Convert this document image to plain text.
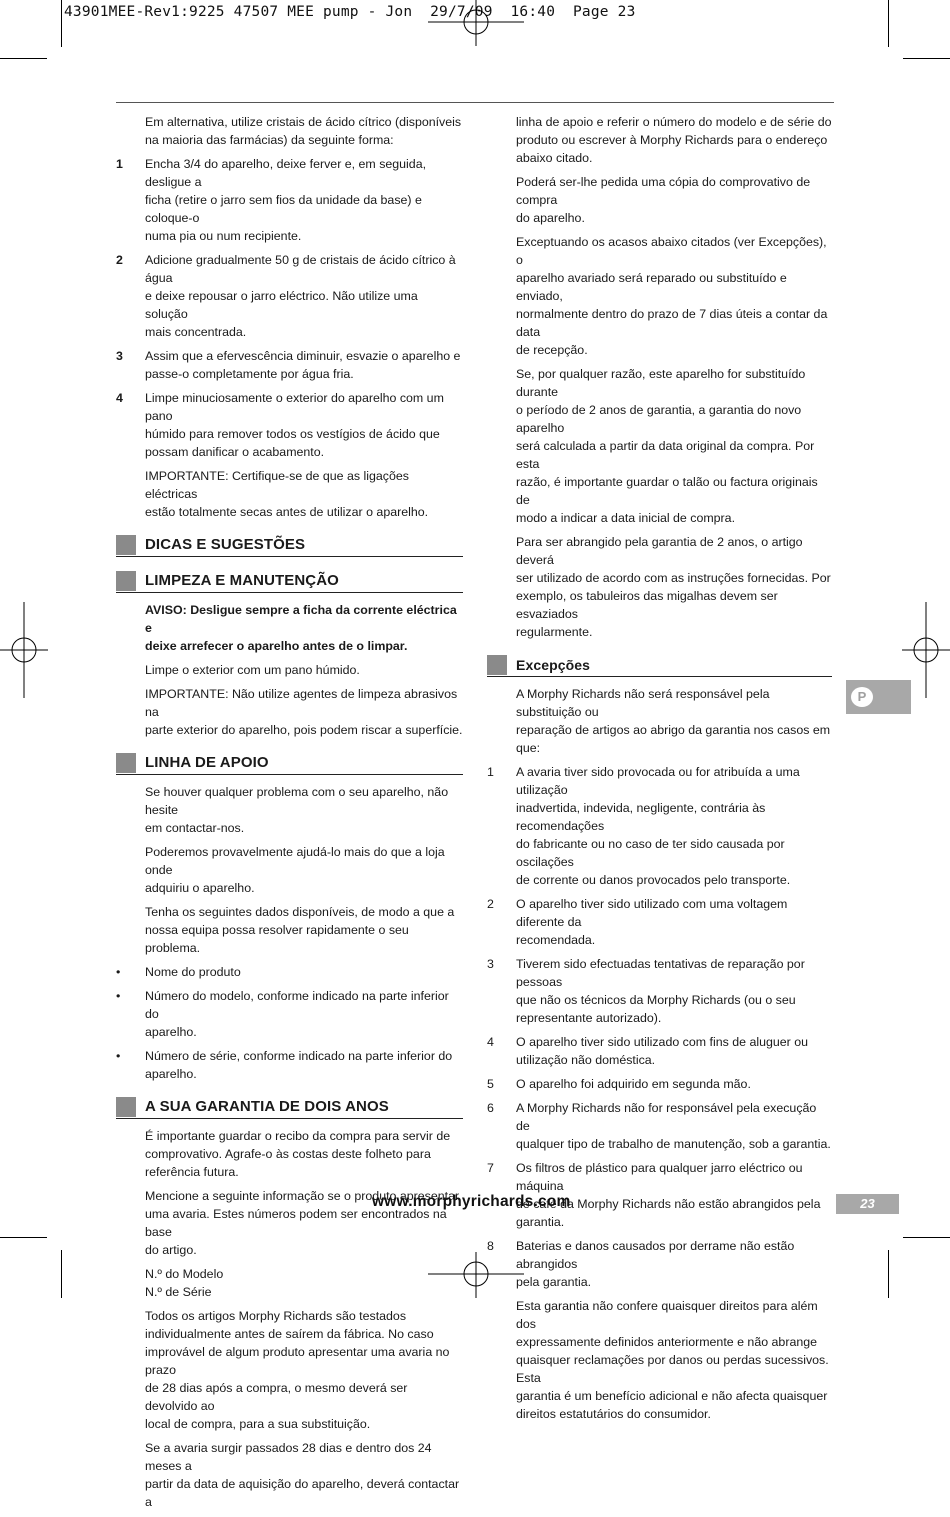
43901MEE-Rev1:9225 47507 MEE pump - Jon  29/7/09  16:40  Page 23
Em alternativa, utilize cristais de ácido cítrico (disponíveis na maioria das farmácias) da seguinte forma:
1	Encha 3/4 do aparelho, deixe ferver e, em seguida, desligue a
ficha (retire o jarro sem fios da unidade da base) e coloque-o
numa pia ou num recipiente.
2	Adicione gradualmente 50 g de cristais de ácido cítrico à água
e deixe repousar o jarro eléctrico. Não utilize uma solução
mais concentrada.
3	Assim que a efervescência diminuir, esvazie o aparelho e
passe-o completamente por água fria.
4	Limpe minuciosamente o exterior do aparelho com um pano
húmido para remover todos os vestígios de ácido que
possam danificar o acabamento.
IMPORTANTE: Certifique-se de que as ligações eléctricas
estão totalmente secas antes de utilizar o aparelho.
DICAS E SUGESTÕES
LIMPEZA E MANUTENÇÃO
AVISO: Desligue sempre a ficha da corrente eléctrica e
deixe arrefecer o aparelho antes de o limpar.
Limpe o exterior com um pano húmido.
IMPORTANTE: Não utilize agentes de limpeza abrasivos na
parte exterior do aparelho, pois podem riscar a superfície.
LINHA DE APOIO
Se houver qualquer problema com o seu aparelho, não hesite
em contactar-nos.
Poderemos provavelmente ajudá-lo mais do que a loja onde
adquiriu o aparelho.
Tenha os seguintes dados disponíveis, de modo a que a
nossa equipa possa resolver rapidamente o seu problema.
•	Nome do produto
•	Número do modelo, conforme indicado na parte inferior do
aparelho.
•	Número de série, conforme indicado na parte inferior do
aparelho.
A SUA GARANTIA DE DOIS ANOS
É importante guardar o recibo da compra para servir de
comprovativo. Agrafe-o às costas deste folheto para
referência futura.
Mencione a seguinte informação se o produto apresentar
uma avaria. Estes números podem ser encontrados na base
do artigo.
N.º do Modelo
N.º de Série
Todos os artigos Morphy Richards são testados
individualmente antes de saírem da fábrica. No caso
improvável de algum produto apresentar uma avaria no prazo
de 28 dias após a compra, o mesmo deverá ser devolvido ao
local de compra, para a sua substituição.
Se a avaria surgir passados 28 dias e dentro dos 24 meses a
partir da data de aquisição do aparelho, deverá contactar a
linha de apoio e referir o número do modelo e de série do
produto ou escrever à Morphy Richards para o endereço
abaixo citado.
Poderá ser-lhe pedida uma cópia do comprovativo de compra
do aparelho.
Exceptuando os acasos abaixo citados (ver Excepções), o
aparelho avariado será reparado ou substituído e enviado,
normalmente dentro do prazo de 7 dias úteis a contar da data
de recepção.
Se, por qualquer razão, este aparelho for substituído durante
o período de 2 anos de garantia, a garantia do novo aparelho
será calculada a partir da data original da compra. Por esta
razão, é importante guardar o talão ou factura originais de
modo a indicar a data inicial de compra.
Para ser abrangido pela garantia de 2 anos, o artigo deverá
ser utilizado de acordo com as instruções fornecidas. Por
exemplo, os tabuleiros das migalhas devem ser esvaziados
regularmente.
Excepções
A Morphy Richards não será responsável pela substituição ou
reparação de artigos ao abrigo da garantia nos casos em que:
1	A avaria tiver sido provocada ou for atribuída a uma utilização
inadvertida, indevida, negligente, contrária às recomendações
do fabricante ou no caso de ter sido causada por oscilações
de corrente ou danos provocados pelo transporte.
2	O aparelho tiver sido utilizado com uma voltagem diferente da
recomendada.
3	Tiverem sido efectuadas tentativas de reparação por pessoas
que não os técnicos da Morphy Richards (ou o seu
representante autorizado).
4	O aparelho tiver sido utilizado com fins de aluguer ou
utilização não doméstica.
5	O aparelho foi adquirido em segunda mão.
6	A Morphy Richards não for responsável pela execução de
qualquer tipo de trabalho de manutenção, sob a garantia.
7	Os filtros de plástico para qualquer jarro eléctrico ou máquina
de café da Morphy Richards não estão abrangidos pela
garantia.
8	Baterias e danos causados por derrame não estão abrangidos
pela garantia.
Esta garantia não confere quaisquer direitos para além dos
expressamente definidos anteriormente e não abrange
quaisquer reclamações por danos ou perdas sucessivos. Esta
garantia é um benefício adicional e não afecta quaisquer
direitos estatutários do consumidor.
P
www.morphyrichards.com	23
